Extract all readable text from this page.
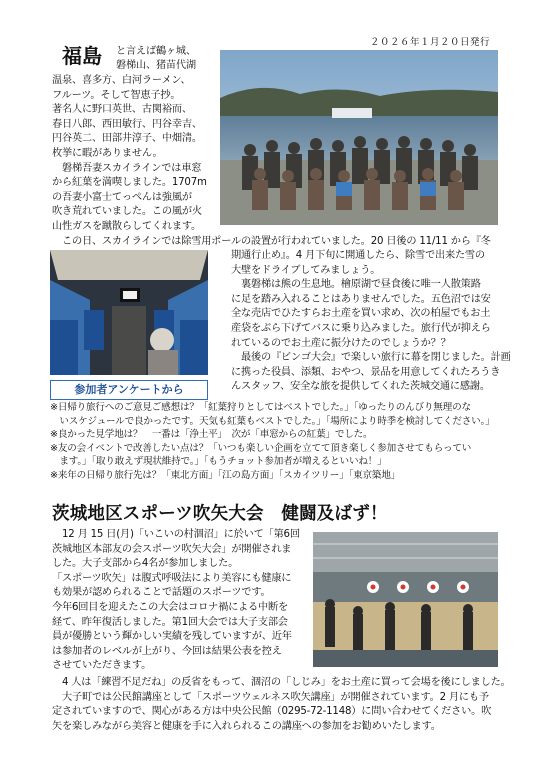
２０２６年１月２０日発行
福島 と言えば鶴ヶ城、
磐梯山、猪苗代湖
温泉、喜多方、白河ラーメン、
フルーツ。そして智恵子抄。
著名人に野口英世、古関裕而、
春日八郎、西田敏行、円谷幸吉、
円谷英二、田部井淳子、中畑清。
枚挙に暇がありません。
　磐梯吾妻スカイラインでは車窓
から紅葉を満喫しました。1707m
の吾妻小富士てっぺんは強風が
吹き荒れていました。この風が火
山性ガスを蹴散らしてくれます。
　この日、スカイラインでは除雪用ポールの設置が行われていました。20 日後の 11/11 から『冬
期通行止め』。4 月下旬に開通したら、除雪で出来た雪の
大壁をドライブしてみましょう。
　裏磐梯は熊の生息地。檜原湖で昼食後に唯一人散策路
に足を踏み入れることはありませんでした。五色沼では安
全な売店でひたすらお土産を買い求め、次の柏屋でもお土
産袋をぶら下げてバスに乗り込みました。旅行代が抑えら
れているのでお土産に振分けたのでしょうか？？
　最後の『ビンゴ大会』で楽しい旅行に幕を閉じました。計画
に携った役員、添類、おやつ、景品を用意してくれたろうき
んスタッフ、安全な旅を提供してくれた茨城交通に感謝。
参加者アンケートから
※日帰り旅行へのご意見ご感想は？「紅葉狩りとしてはベストでした。」「ゆったりのんびり無理のな
　いスケジュールで良かったです。天気も紅葉もベストでした。」「場所により時季を検討してください。」
※良かった見学地は？　一番は「浄土平」　次が「車窓からの紅葉」でした。
※友の会イベントで改善したい点は？「いつも楽しい企画を立てて頂き楽しく参加させてもらってい
　ます。」「取り敢えず現状維持で。」「もうチョット参加者が増えるといいね！」
※来年の日帰り旅行先は？「東北方面」「江の島方面」「スカイツリー」「東京築地」
茨城地区スポーツ吹矢大会　健闘及ばず！
　12 月 15 日(月)「いこいの村涸沼」に於いて「第6回
茨城地区本部友の会スポーツ吹矢大会」が開催されま
した。大子支部から4名が参加しました。
「スポーツ吹矢」は腹式呼吸法により美容にも健康に
も効果が認められることで話題のスポーツです。
今年6回目を迎えたこの大会はコロナ禍による中断を
経て、昨年復活しました。第1回大会では大子支部会
員が優勝という輝かしい実績を残していますが、近年
は参加者のレベルが上がり、今回は結果公表を控え
させていただきます。
　4 人は「練習不足だね」の反省をもって、涸沼の「しじみ」をお土産に買って会場を後にしました。
　大子町では公民館講座として「スポーツウェルネス吹矢講座」が開催されています。2 月にも予
定されていますので、関心がある方は中央公民館（0295-72-1148）に問い合わせてください。吹
矢を楽しみながら美容と健康を手に入れられるこの講座への参加をお勧めいたします。
